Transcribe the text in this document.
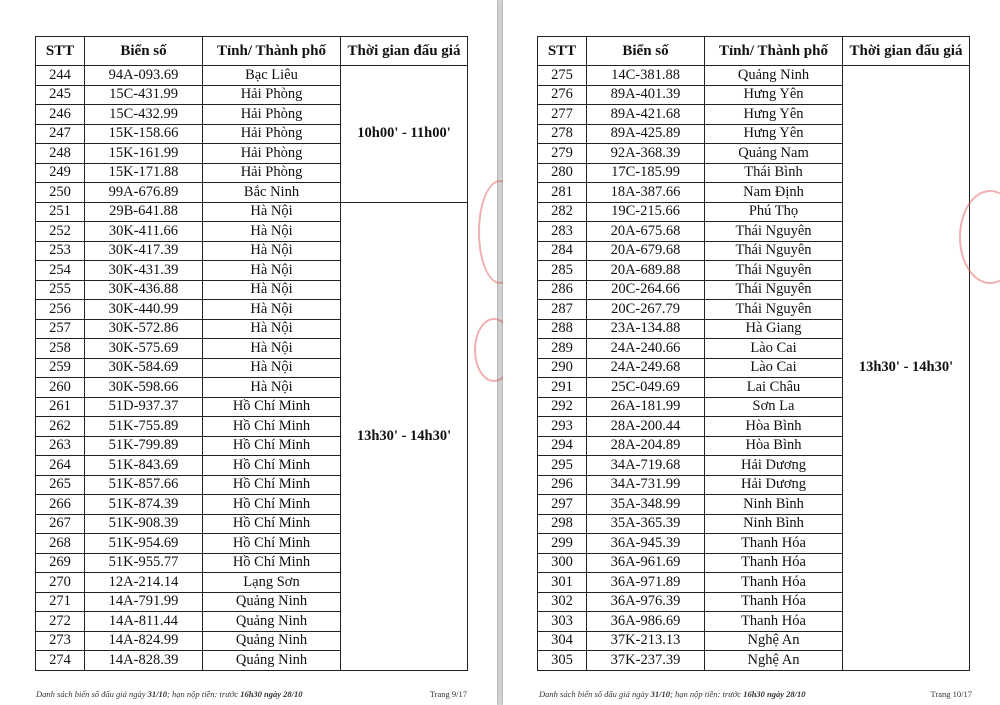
STT	Biển số	Tỉnh/ Thành phố	Thời gian đấu giá
244	94A-093.69	Bạc Liêu	10h00' - 11h00'
245	15C-431.99	Hải Phòng	
246	15C-432.99	Hải Phòng	
247	15K-158.66	Hải Phòng	
248	15K-161.99	Hải Phòng	
249	15K-171.88	Hải Phòng	
250	99A-676.89	Bắc Ninh	
251	29B-641.88	Hà Nội	13h30' - 14h30'
252	30K-411.66	Hà Nội	
253	30K-417.39	Hà Nội	
254	30K-431.39	Hà Nội	
255	30K-436.88	Hà Nội	
256	30K-440.99	Hà Nội	
257	30K-572.86	Hà Nội	
258	30K-575.69	Hà Nội	
259	30K-584.69	Hà Nội	
260	30K-598.66	Hà Nội	
261	51D-937.37	Hồ Chí Minh	
262	51K-755.89	Hồ Chí Minh	
263	51K-799.89	Hồ Chí Minh	
264	51K-843.69	Hồ Chí Minh	
265	51K-857.66	Hồ Chí Minh	
266	51K-874.39	Hồ Chí Minh	
267	51K-908.39	Hồ Chí Minh	
268	51K-954.69	Hồ Chí Minh	
269	51K-955.77	Hồ Chí Minh	
270	12A-214.14	Lạng Sơn	
271	14A-791.99	Quảng Ninh	
272	14A-811.44	Quảng Ninh	
273	14A-824.99	Quảng Ninh	
274	14A-828.39	Quảng Ninh	
Danh sách biển số đấu giá ngày 31/10; hạn nộp tiền: trước 16h30 ngày 28/10	Trang 9/17
STT	Biển số	Tỉnh/ Thành phố	Thời gian đấu giá
275	14C-381.88	Quảng Ninh	13h30' - 14h30'
276	89A-401.39	Hưng Yên	
277	89A-421.68	Hưng Yên	
278	89A-425.89	Hưng Yên	
279	92A-368.39	Quảng Nam	
280	17C-185.99	Thái Bình	
281	18A-387.66	Nam Định	
282	19C-215.66	Phú Thọ	
283	20A-675.68	Thái Nguyên	
284	20A-679.68	Thái Nguyên	
285	20A-689.88	Thái Nguyên	
286	20C-264.66	Thái Nguyên	
287	20C-267.79	Thái Nguyên	
288	23A-134.88	Hà Giang	
289	24A-240.66	Lào Cai	
290	24A-249.68	Lào Cai	
291	25C-049.69	Lai Châu	
292	26A-181.99	Sơn La	
293	28A-200.44	Hòa Bình	
294	28A-204.89	Hòa Bình	
295	34A-719.68	Hải Dương	
296	34A-731.99	Hải Dương	
297	35A-348.99	Ninh Bình	
298	35A-365.39	Ninh Bình	
299	36A-945.39	Thanh Hóa	
300	36A-961.69	Thanh Hóa	
301	36A-971.89	Thanh Hóa	
302	36A-976.39	Thanh Hóa	
303	36A-986.69	Thanh Hóa	
304	37K-213.13	Nghệ An	
305	37K-237.39	Nghệ An	
Danh sách biển số đấu giá ngày 31/10; hạn nộp tiền: trước 16h30 ngày 28/10	Trang 10/17
